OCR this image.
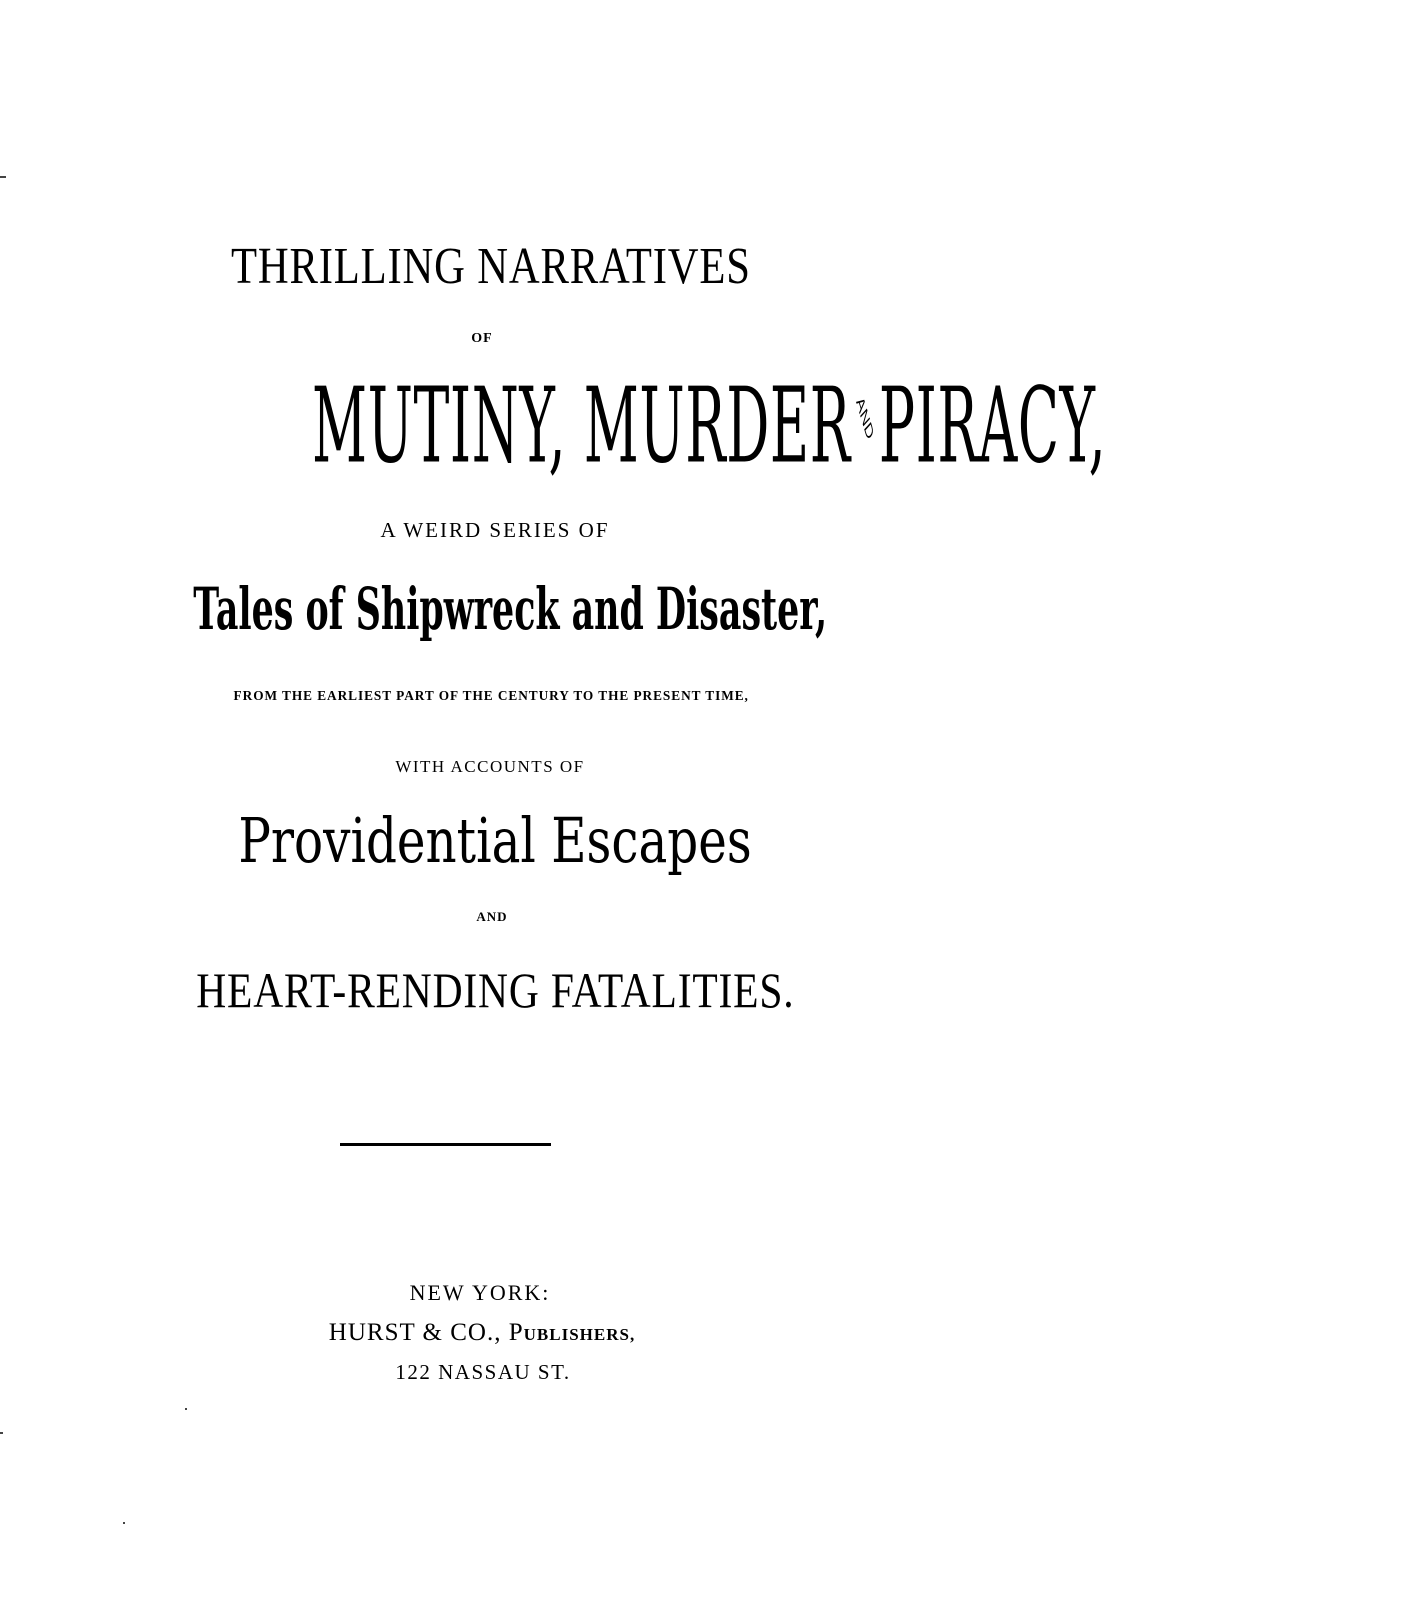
THRILLING NARRATIVES
OF
MUTINY, MURDER ANDPIRACY,
A WEIRD SERIES OF
Tales of Shipwreck and Disaster,
FROM THE EARLIEST PART OF THE CENTURY TO THE PRESENT TIME,
WITH ACCOUNTS OF
Providential Escapes
AND
HEART-RENDING FATALITIES.
NEW YORK:
HURST & CO., PUBLISHERS,
122 NASSAU ST.
